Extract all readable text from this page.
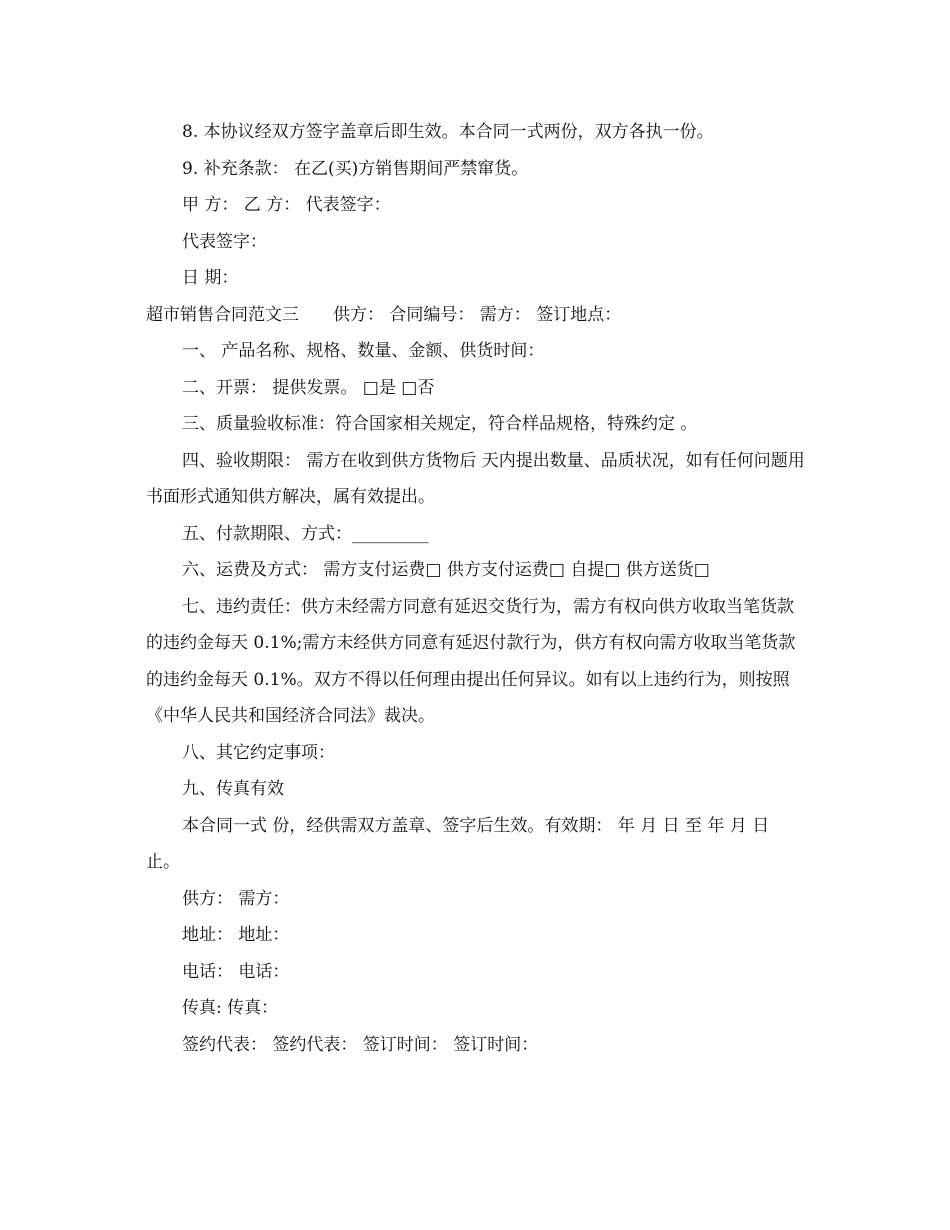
8. 本协议经双方签字盖章后即生效。本合同一式两份，双方各执一份。
9. 补充条款： 在乙(买)方销售期间严禁窜货。
甲 方： 乙 方： 代表签字：
代表签字：
日 期：
超市销售合同范文三　　供方： 合同编号： 需方： 签订地点：
一、 产品名称、规格、数量、金额、供货时间：
二、开票： 提供发票。 □是 □否
三、质量验收标准：符合国家相关规定，符合样品规格，特殊约定 。
四、验收期限： 需方在收到供方货物后 天内提出数量、品质状况，如有任何问题用书面形式通知供方解决，属有效提出。
五、付款期限、方式：_________
六、运费及方式： 需方支付运费□ 供方支付运费□ 自提□ 供方送货□
七、违约责任：供方未经需方同意有延迟交货行为，需方有权向供方收取当笔货款的违约金每天 0.1%;需方未经供方同意有延迟付款行为，供方有权向需方收取当笔货款的违约金每天 0.1%。双方不得以任何理由提出任何异议。如有以上违约行为，则按照《中华人民共和国经济合同法》裁决。
八、其它约定事项：
九、传真有效
本合同一式 份，经供需双方盖章、签字后生效。有效期： 年 月 日 至 年 月 日 止。
供方： 需方：
地址： 地址：
电话： 电话：
传真: 传真：
签约代表： 签约代表： 签订时间： 签订时间：
